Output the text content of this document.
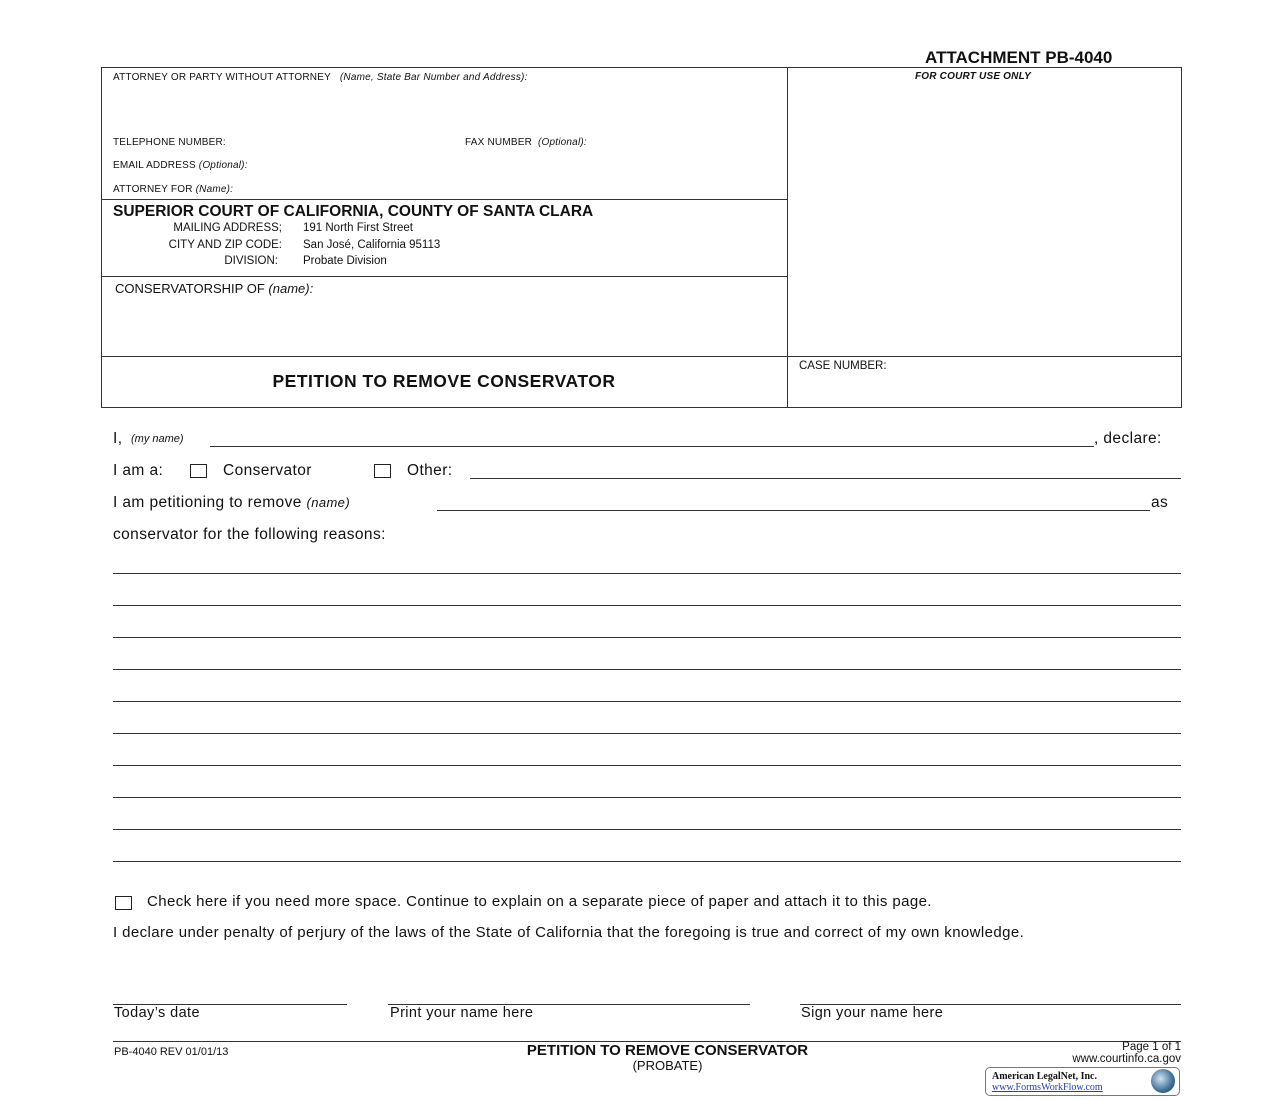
ATTACHMENT PB-4040
ATTORNEY OR PARTY WITHOUT ATTORNEY (Name, State Bar Number and Address):	FOR COURT USE ONLY
TELEPHONE NUMBER:	FAX NUMBER (Optional):
EMAIL ADDRESS (Optional):
ATTORNEY FOR (Name):
SUPERIOR COURT OF CALIFORNIA, COUNTY OF SANTA CLARA
MAILING ADDRESS; 191 North First Street
CITY AND ZIP CODE: San José, California 95113
DIVISION: Probate Division
CONSERVATORSHIP OF (name):
PETITION TO REMOVE CONSERVATOR
CASE NUMBER:
I, (my name)	, declare:
I am a:	Conservator	Other:
I am petitioning to remove (name)	as
conservator for the following reasons:
Check here if you need more space. Continue to explain on a separate piece of paper and attach it to this page.
I declare under penalty of perjury of the laws of the State of California that the foregoing is true and correct of my own knowledge.
Today’s date	Print your name here	Sign your name here
PB-4040 REV 01/01/13	PETITION TO REMOVE CONSERVATOR
(PROBATE)
Page 1 of 1
www.courtinfo.ca.gov
American LegalNet, Inc.
www.FormsWorkFlow.com
